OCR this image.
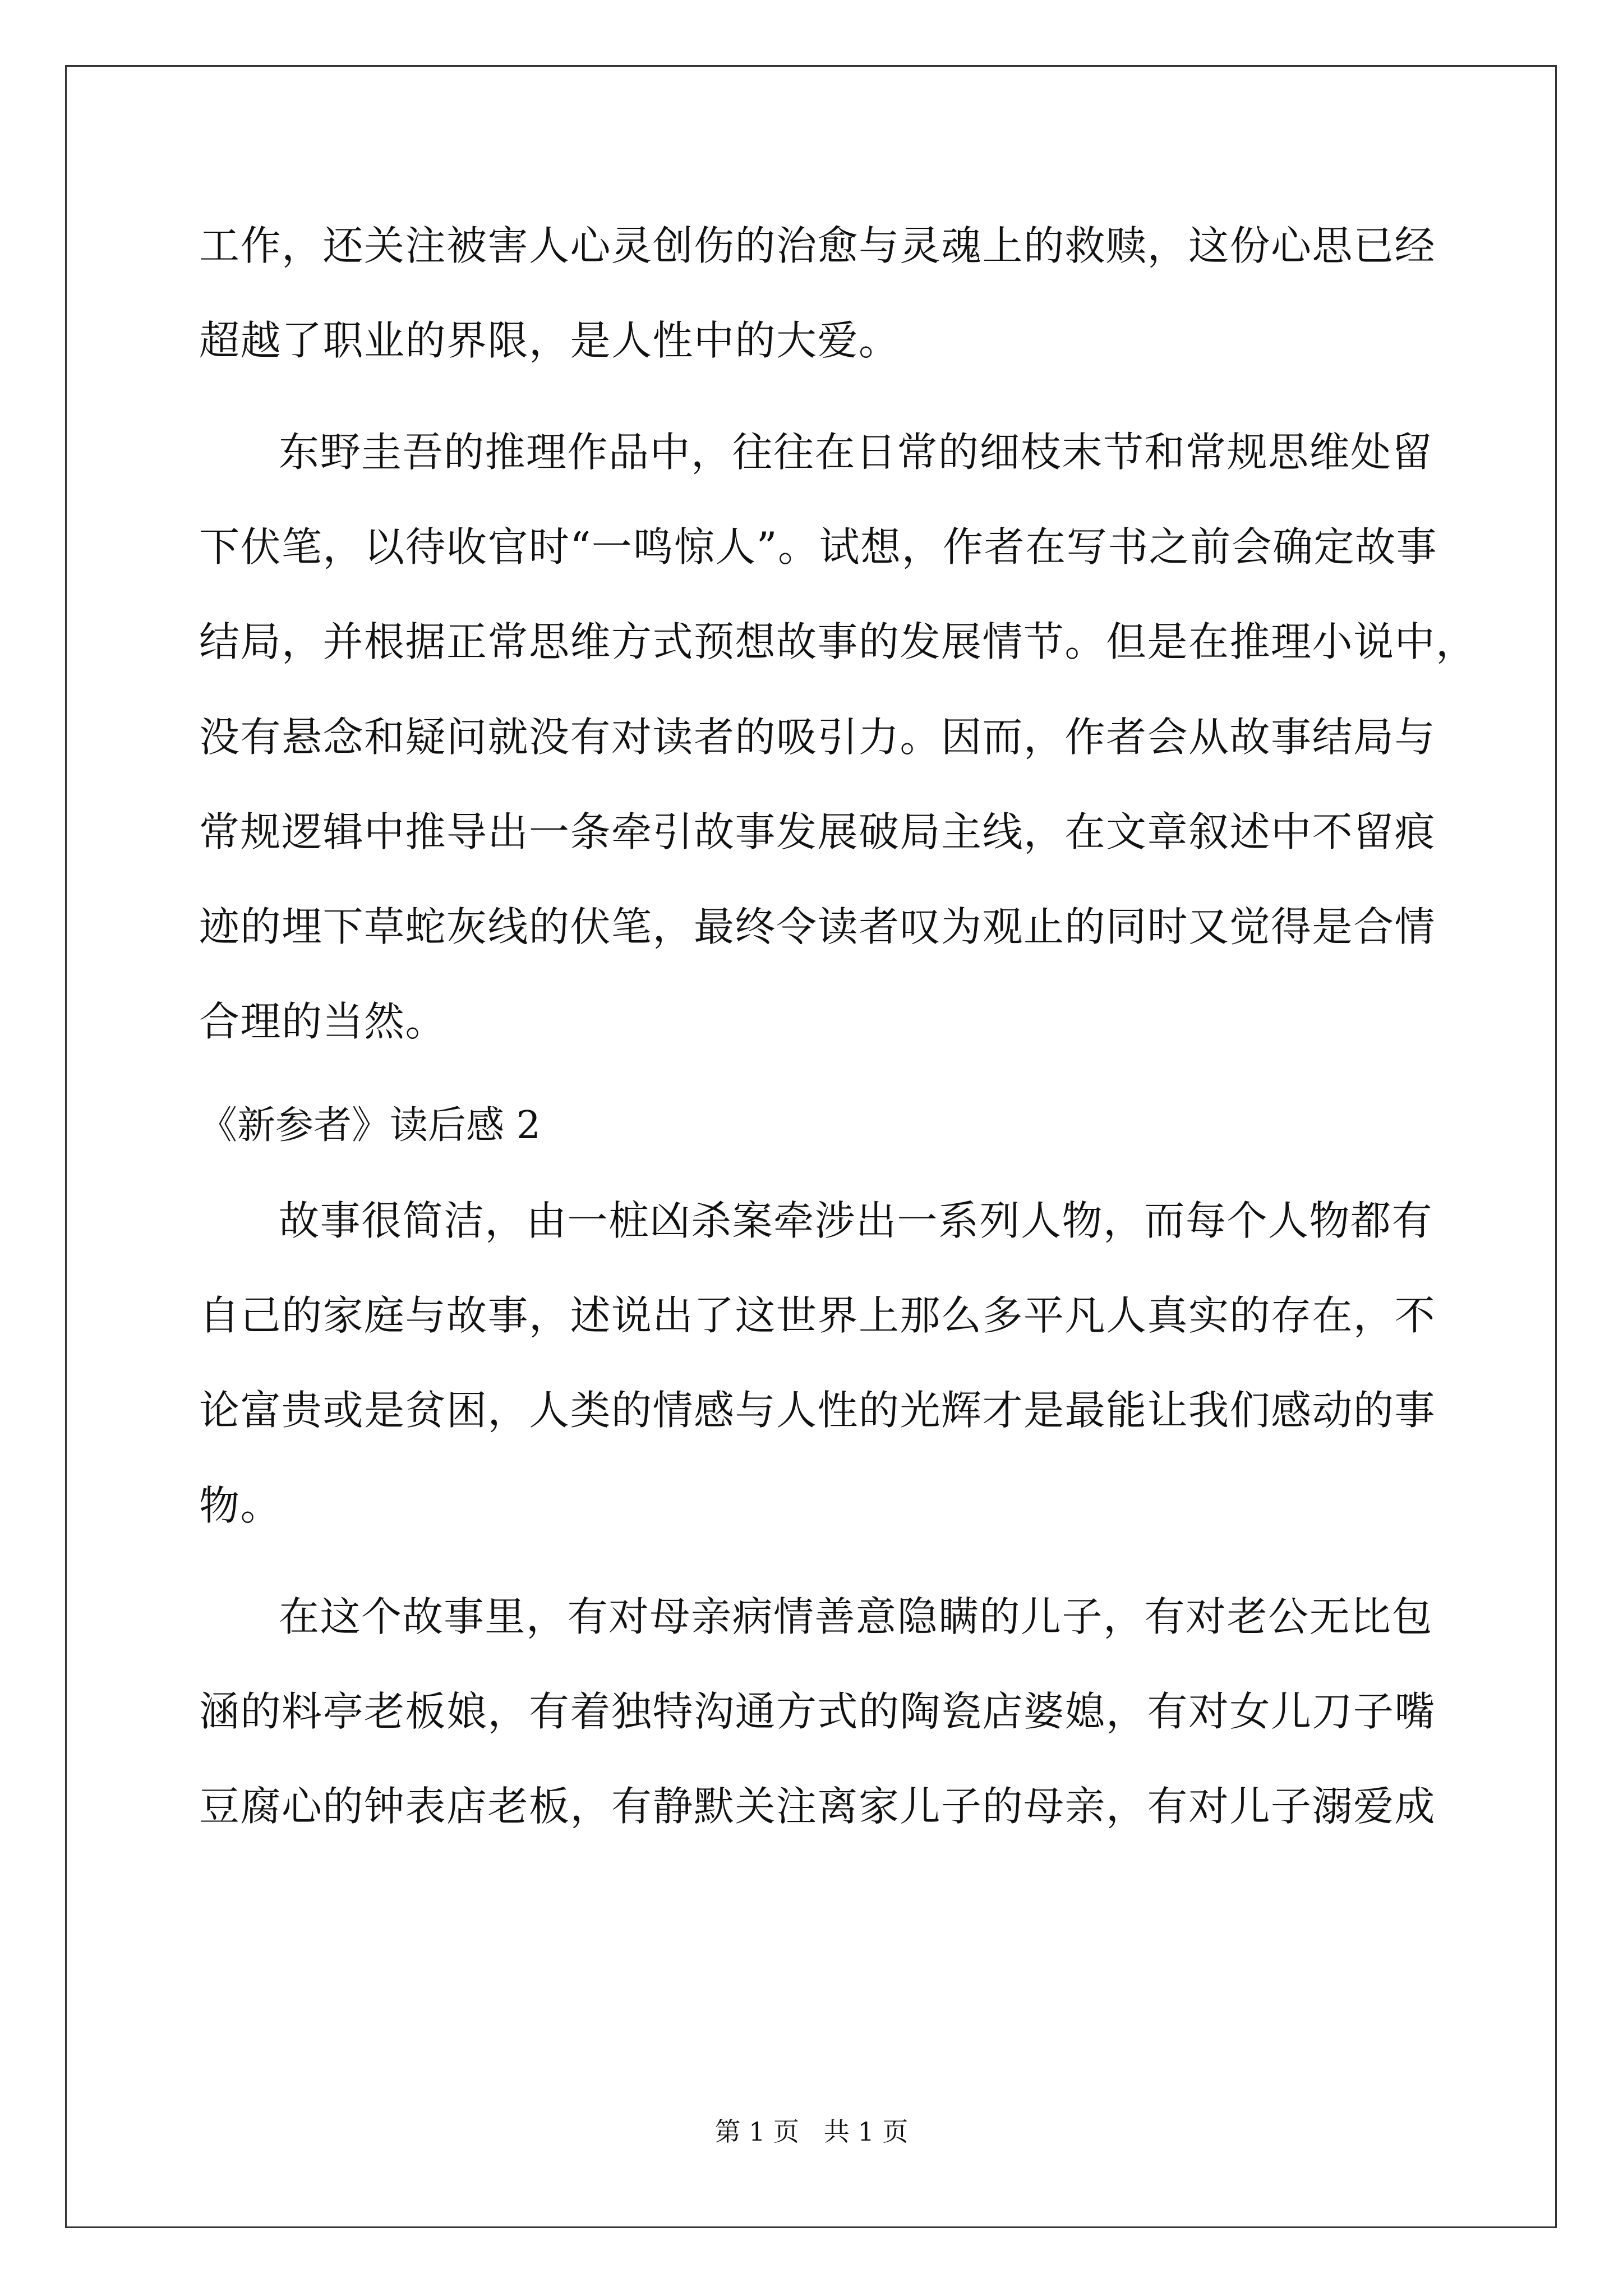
工作，还关注被害人心灵创伤的治愈与灵魂上的救赎，这份心思已经
超越了职业的界限，是人性中的大爱。
东野圭吾的推理作品中，往往在日常的细枝末节和常规思维处留
下伏笔，以待收官时“一鸣惊人”。试想，作者在写书之前会确定故事
结局，并根据正常思维方式预想故事的发展情节。但是在推理小说中，
没有悬念和疑问就没有对读者的吸引力。因而，作者会从故事结局与
常规逻辑中推导出一条牵引故事发展破局主线，在文章叙述中不留痕
迹的埋下草蛇灰线的伏笔，最终令读者叹为观止的同时又觉得是合情
合理的当然。
《新参者》读后感 2
故事很简洁，由一桩凶杀案牵涉出一系列人物，而每个人物都有
自己的家庭与故事，述说出了这世界上那么多平凡人真实的存在，不
论富贵或是贫困，人类的情感与人性的光辉才是最能让我们感动的事
物。
在这个故事里，有对母亲病情善意隐瞒的儿子，有对老公无比包
涵的料亭老板娘，有着独特沟通方式的陶瓷店婆媳，有对女儿刀子嘴
豆腐心的钟表店老板，有静默关注离家儿子的母亲，有对儿子溺爱成
第 1 页   共 1 页
